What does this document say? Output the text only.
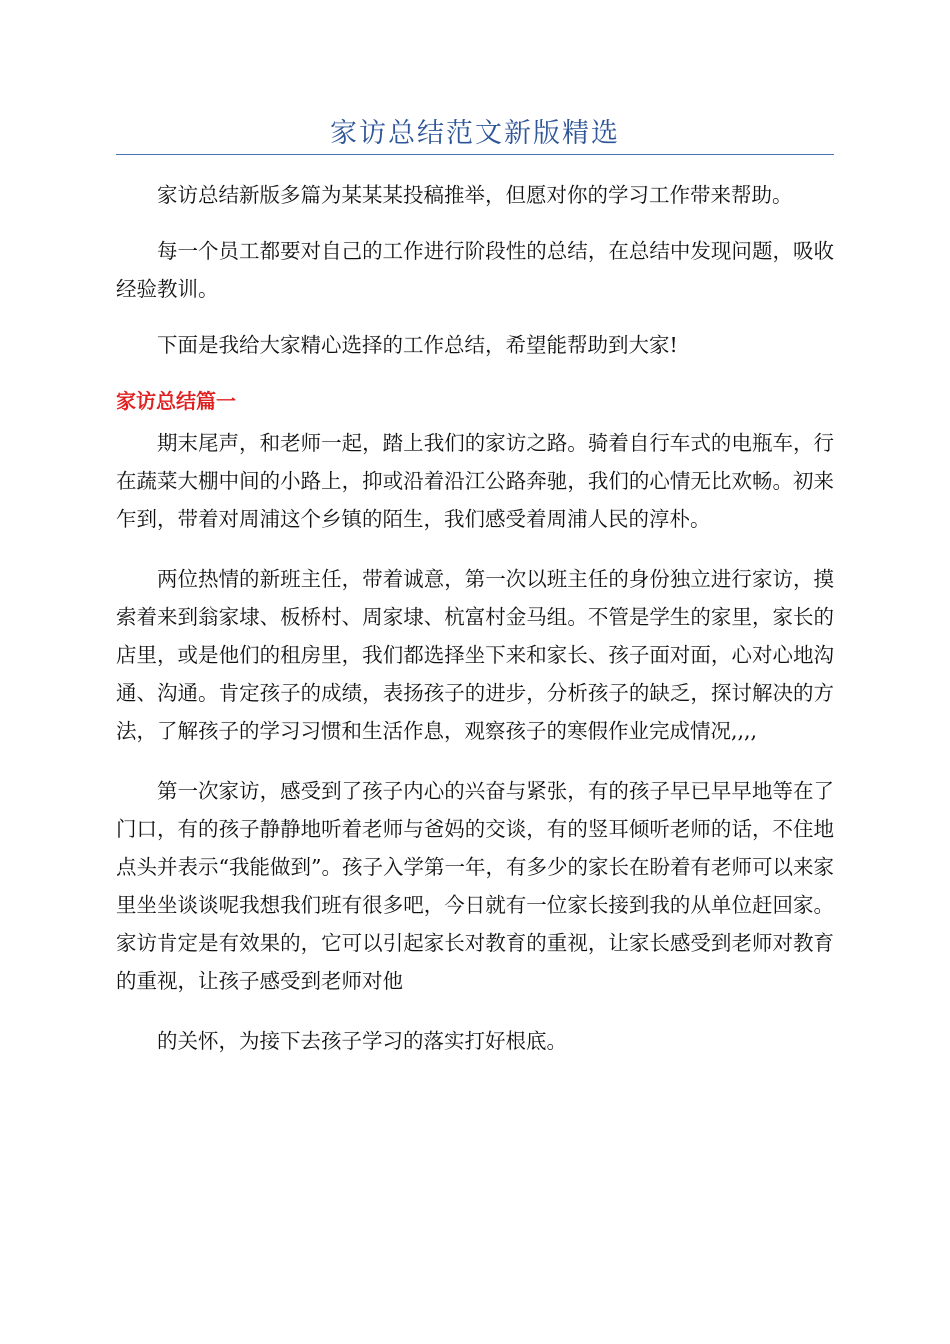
家访总结范文新版精选

家访总结新版多篇为某某某投稿推举，但愿对你的学习工作带来帮助。

每一个员工都要对自己的工作进行阶段性的总结，在总结中发现问题，吸收经验教训。

下面是我给大家精心选择的工作总结，希望能帮助到大家!

家访总结篇一

期末尾声，和老师一起，踏上我们的家访之路。骑着自行车式的电瓶车，行在蔬菜大棚中间的小路上，抑或沿着沿江公路奔驰，我们的心情无比欢畅。初来乍到，带着对周浦这个乡镇的陌生，我们感受着周浦人民的淳朴。

两位热情的新班主任，带着诚意，第一次以班主任的身份独立进行家访，摸索着来到翁家埭、板桥村、周家埭、杭富村金马组。不管是学生的家里，家长的店里，或是他们的租房里，我们都选择坐下来和家长、孩子面对面，心对心地沟通、沟通。肯定孩子的成绩，表扬孩子的进步，分析孩子的缺乏，探讨解决的方法，了解孩子的学习习惯和生活作息，观察孩子的寒假作业完成情况,,,,

第一次家访，感受到了孩子内心的兴奋与紧张，有的孩子早已早早地等在了门口，有的孩子静静地听着老师与爸妈的交谈，有的竖耳倾听老师的话，不住地点头并表示“我能做到”。孩子入学第一年，有多少的家长在盼着有老师可以来家里坐坐谈谈呢我想我们班有很多吧，今日就有一位家长接到我的从单位赶回家。家访肯定是有效果的，它可以引起家长对教育的重视，让家长感受到老师对教育的重视，让孩子感受到老师对他

的关怀，为接下去孩子学习的落实打好根底。
